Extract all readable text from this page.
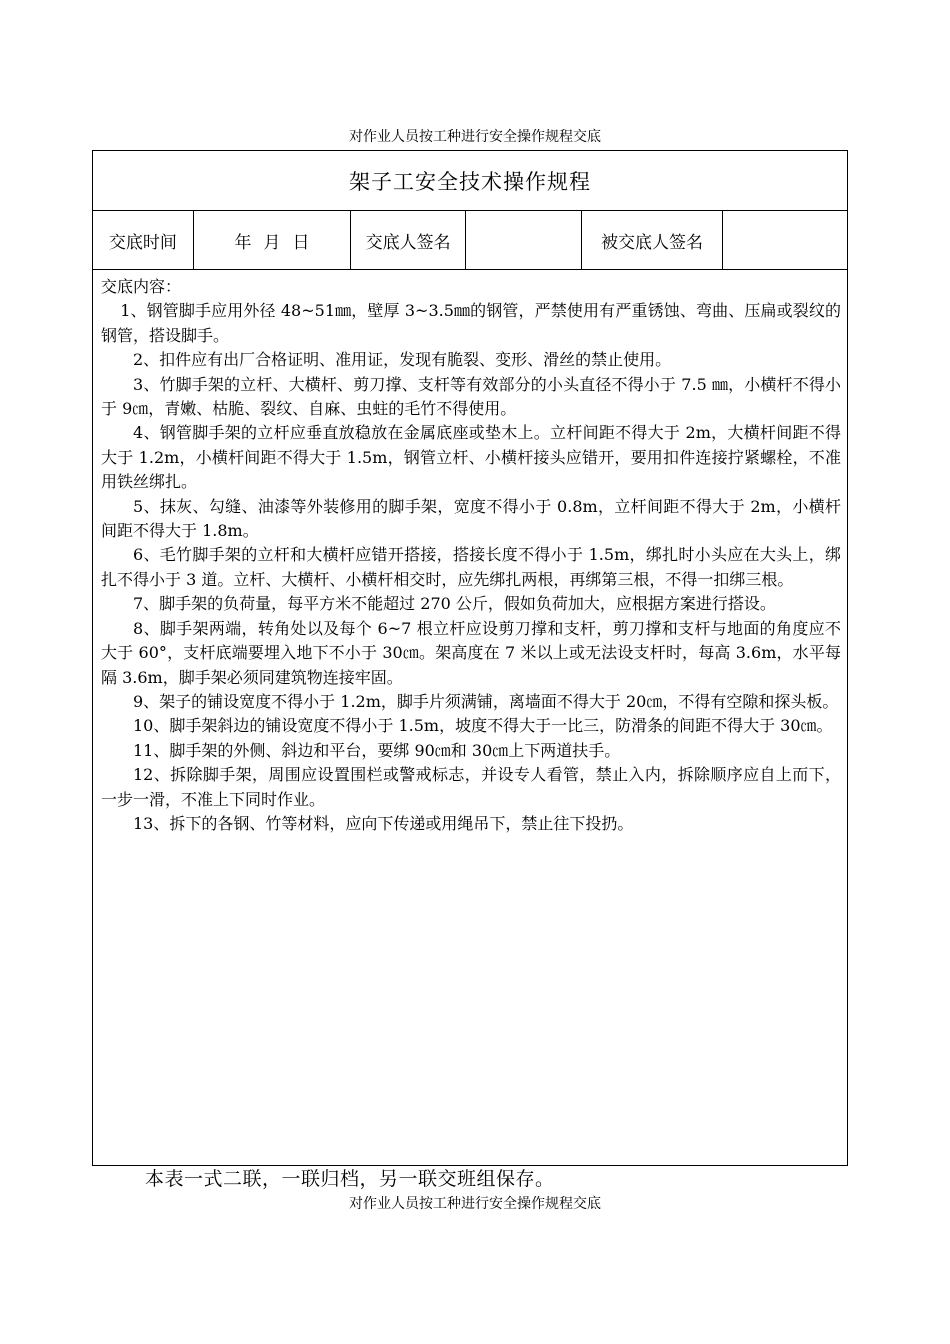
对作业人员按工种进行安全操作规程交底
架子工安全技术操作规程
交底时间	年 月 日	交底人签名	被交底人签名
交底内容：

1、钢管脚手应用外径 48~51㎜，壁厚 3~3.5㎜的钢管，严禁使用有严重锈蚀、弯曲、压扁或裂纹的钢管，搭设脚手。

2、扣件应有出厂合格证明、准用证，发现有脆裂、变形、滑丝的禁止使用。

3、竹脚手架的立杆、大横杆、剪刀撑、支杆等有效部分的小头直径不得小于 7.5 ㎜，小横杆不得小于 9㎝，青嫩、枯脆、裂纹、自麻、虫蛀的毛竹不得使用。

4、钢管脚手架的立杆应垂直放稳放在金属底座或垫木上。立杆间距不得大于 2m，大横杆间距不得大于 1.2m，小横杆间距不得大于 1.5m，钢管立杆、小横杆接头应错开，要用扣件连接拧紧螺栓，不准用铁丝绑扎。

5、抹灰、勾缝、油漆等外装修用的脚手架，宽度不得小于 0.8m，立杆间距不得大于 2m，小横杆间距不得大于 1.8m。

6、毛竹脚手架的立杆和大横杆应错开搭接，搭接长度不得小于 1.5m，绑扎时小头应在大头上，绑扎不得小于 3 道。立杆、大横杆、小横杆相交时，应先绑扎两根，再绑第三根，不得一扣绑三根。

7、脚手架的负荷量，每平方米不能超过 270 公斤，假如负荷加大，应根据方案进行搭设。

8、脚手架两端，转角处以及每个 6~7 根立杆应设剪刀撑和支杆，剪刀撑和支杆与地面的角度应不大于 60°，支杆底端要埋入地下不小于 30㎝。架高度在 7 米以上或无法设支杆时，每高 3.6m，水平每隔 3.6m，脚手架必须同建筑物连接牢固。

9、架子的铺设宽度不得小于 1.2m，脚手片须满铺，离墙面不得大于 20㎝，不得有空隙和探头板。

10、脚手架斜边的铺设宽度不得小于 1.5m，坡度不得大于一比三，防滑条的间距不得大于 30㎝。

11、脚手架的外侧、斜边和平台，要绑 90㎝和 30㎝上下两道扶手。

12、拆除脚手架，周围应设置围栏或警戒标志，并设专人看管，禁止入内，拆除顺序应自上而下，一步一滑，不准上下同时作业。

13、拆下的各钢、竹等材料，应向下传递或用绳吊下，禁止往下投扔。

本表一式二联，一联归档，另一联交班组保存。
对作业人员按工种进行安全操作规程交底
